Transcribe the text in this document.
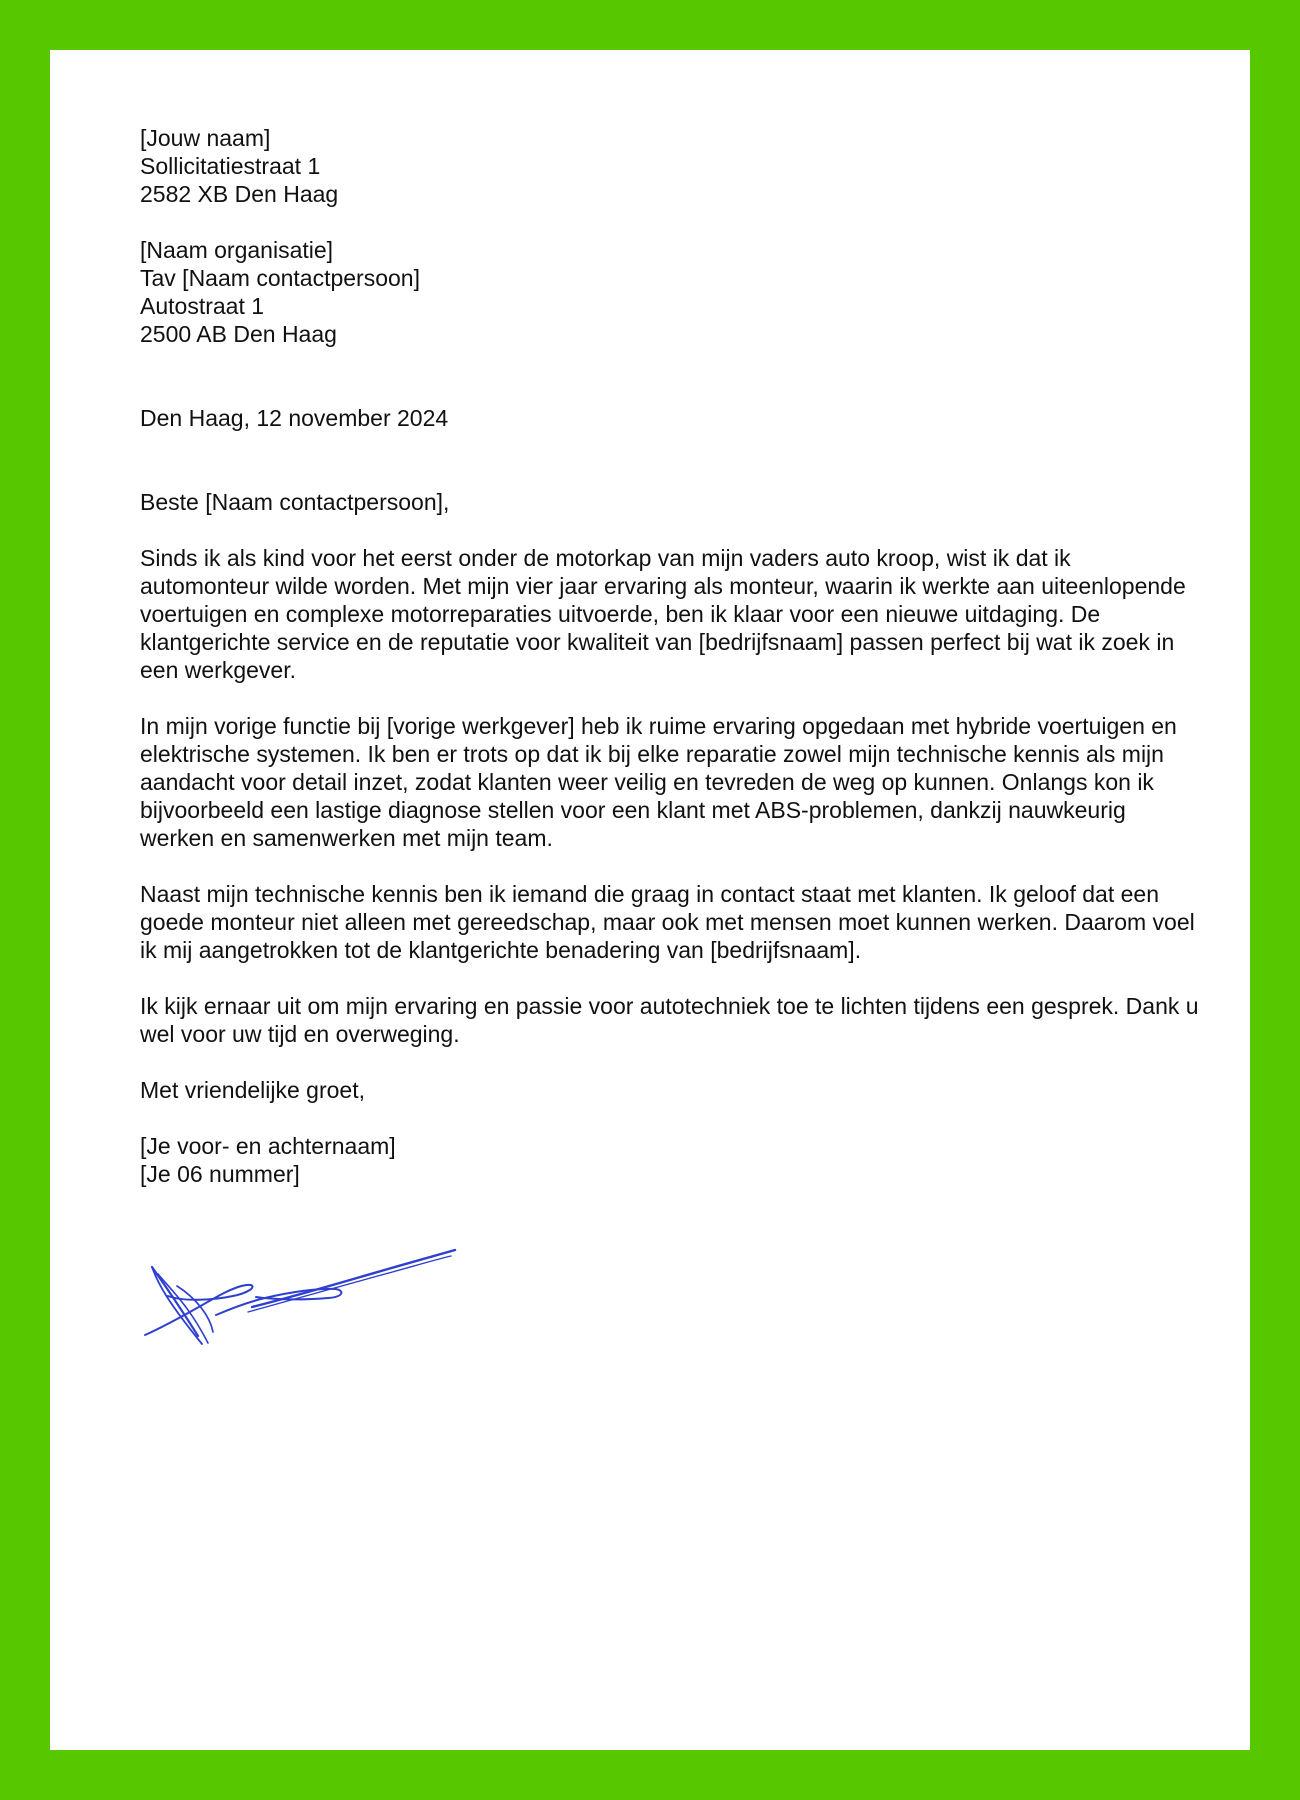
[Jouw naam]
Sollicitatiestraat 1
2582 XB Den Haag
[Naam organisatie]
Tav [Naam contactpersoon]
Autostraat 1
2500 AB Den Haag

Den Haag, 12 november 2024

Beste [Naam contactpersoon],

Sinds ik als kind voor het eerst onder de motorkap van mijn vaders auto kroop, wist ik dat ik automonteur wilde worden. Met mijn vier jaar ervaring als monteur, waarin ik werkte aan uiteenlopende voertuigen en complexe motorreparaties uitvoerde, ben ik klaar voor een nieuwe uitdaging. De klantgerichte service en de reputatie voor kwaliteit van [bedrijfsnaam] passen perfect bij wat ik zoek in een werkgever.

In mijn vorige functie bij [vorige werkgever] heb ik ruime ervaring opgedaan met hybride voertuigen en elektrische systemen. Ik ben er trots op dat ik bij elke reparatie zowel mijn technische kennis als mijn aandacht voor detail inzet, zodat klanten weer veilig en tevreden de weg op kunnen. Onlangs kon ik bijvoorbeeld een lastige diagnose stellen voor een klant met ABS-problemen, dankzij nauwkeurig werken en samenwerken met mijn team.

Naast mijn technische kennis ben ik iemand die graag in contact staat met klanten. Ik geloof dat een goede monteur niet alleen met gereedschap, maar ook met mensen moet kunnen werken. Daarom voel ik mij aangetrokken tot de klantgerichte benadering van [bedrijfsnaam].

Ik kijk ernaar uit om mijn ervaring en passie voor autotechniek toe te lichten tijdens een gesprek. Dank u wel voor uw tijd en overweging.

Met vriendelijke groet,

[Je voor- en achternaam]
[Je 06 nummer]
